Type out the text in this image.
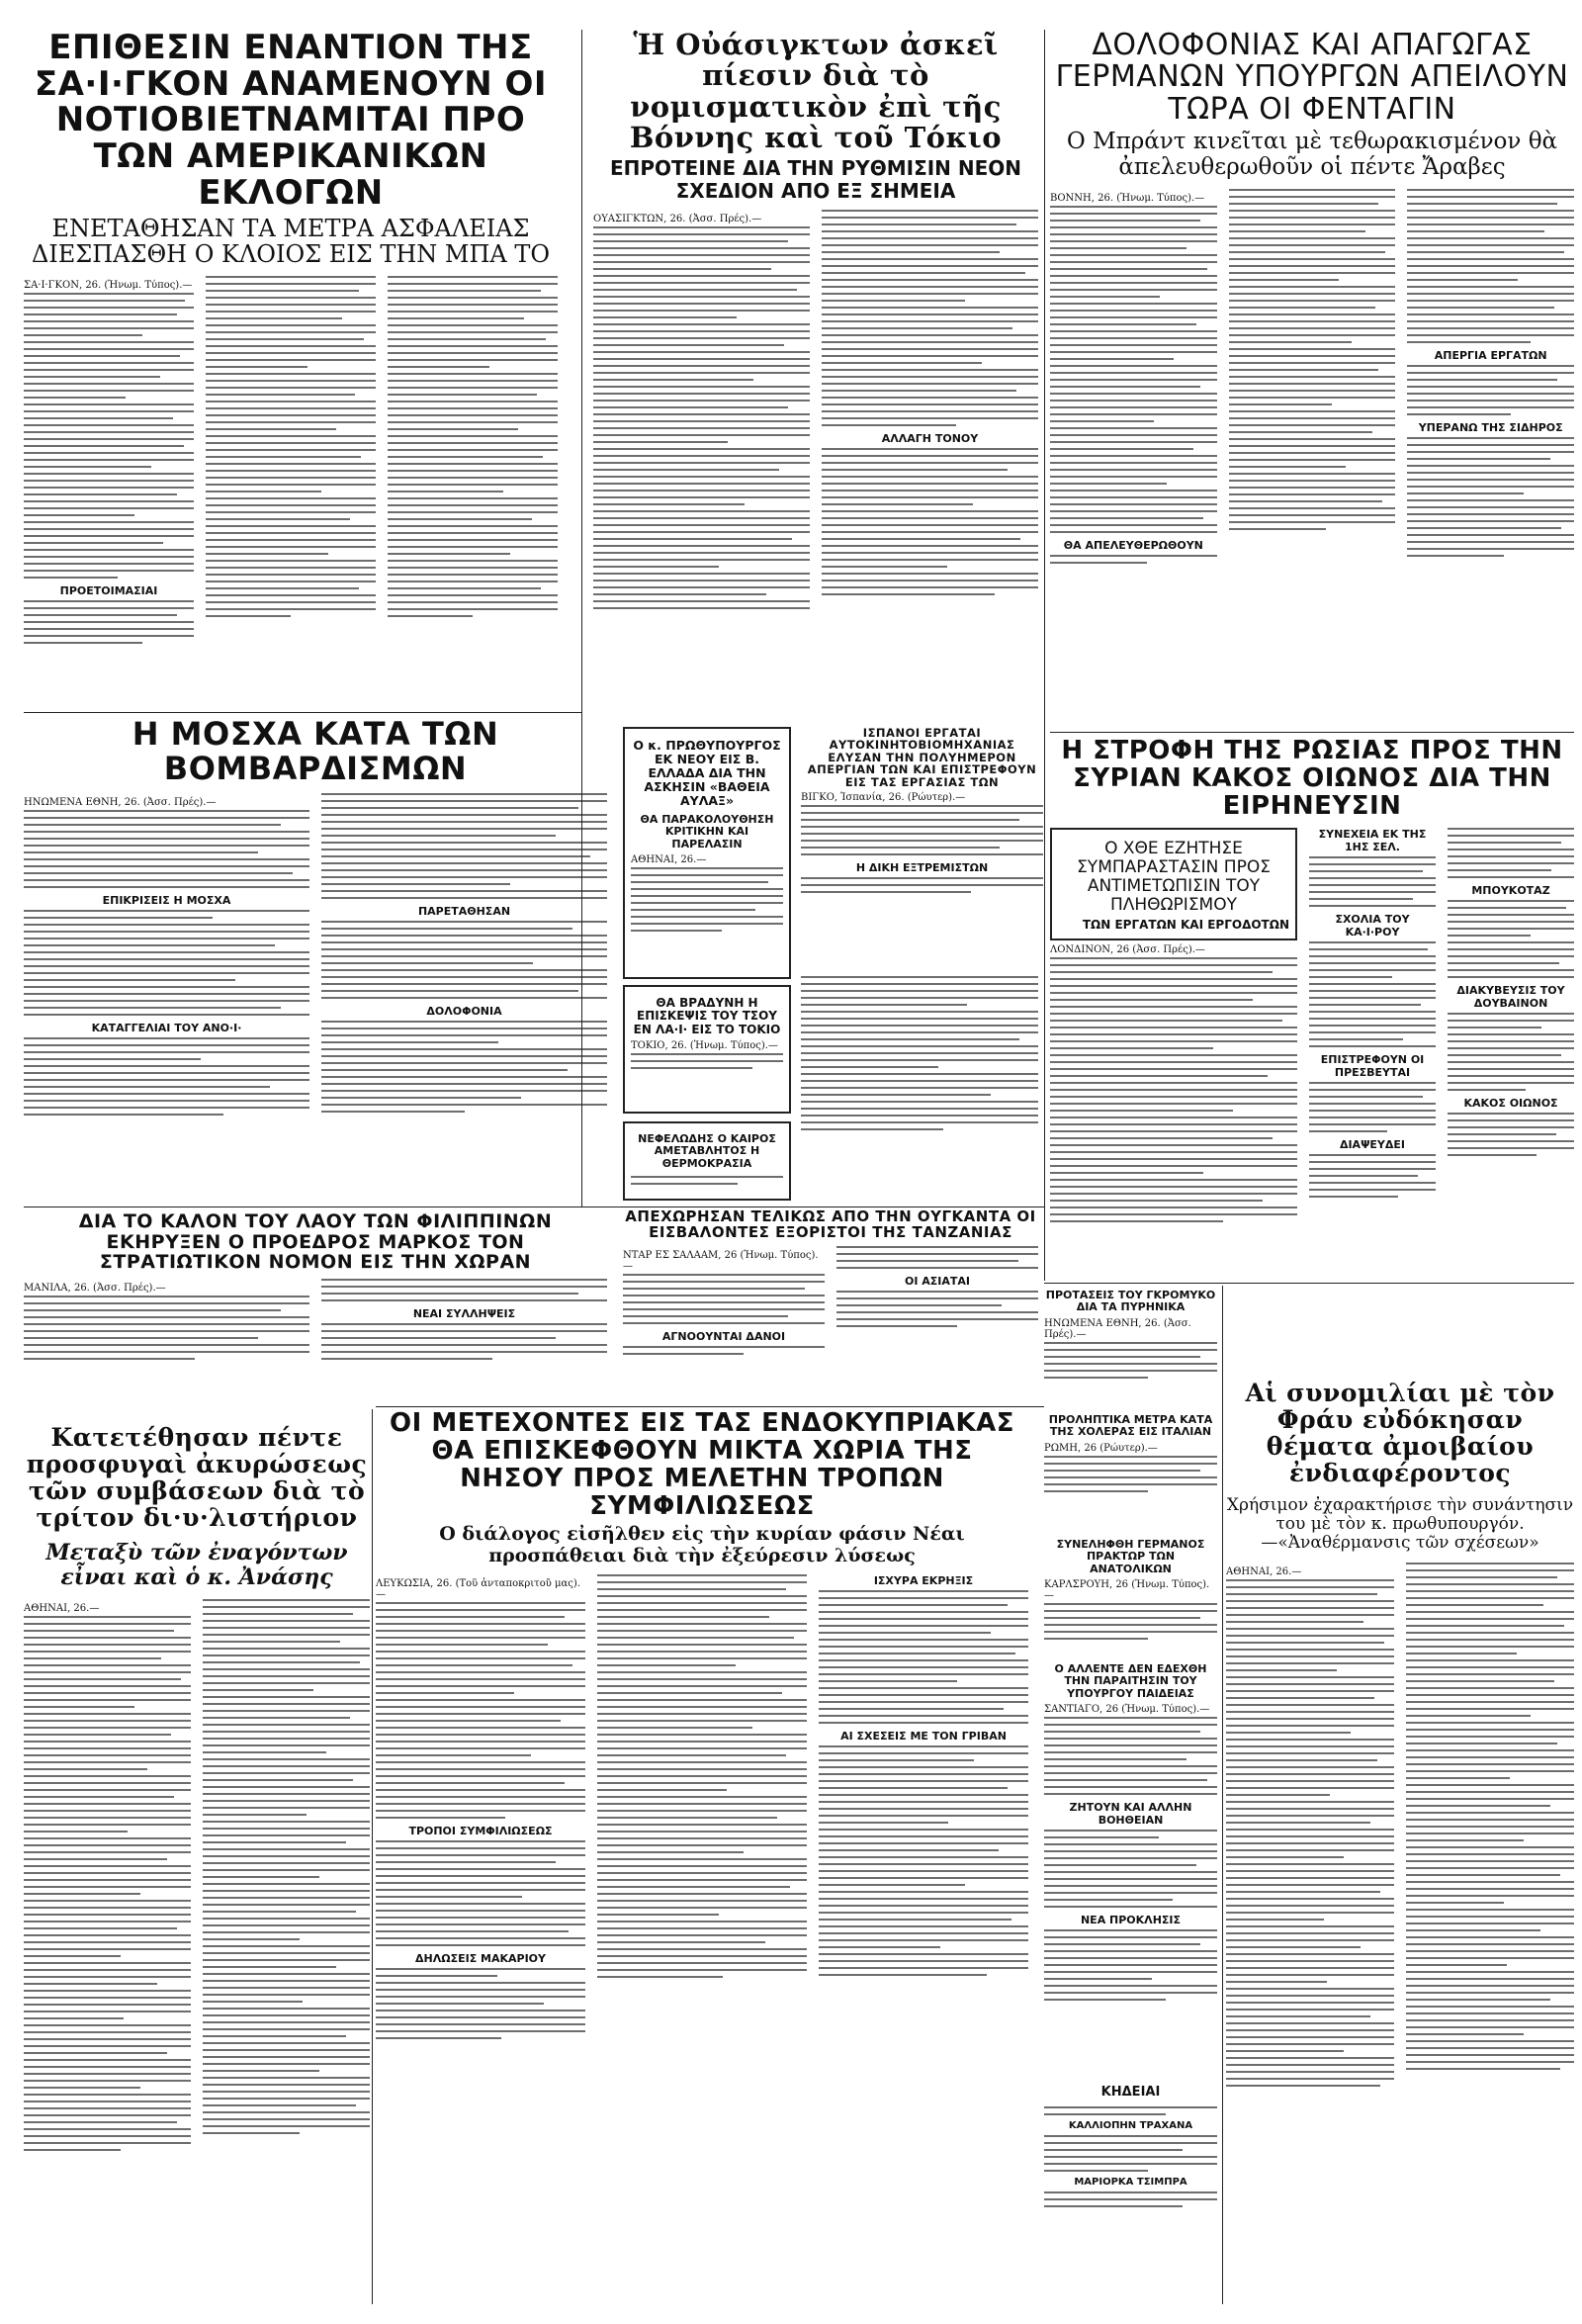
ΕΠΙΘΕΣΙΝ ΕΝΑΝΤΙΟΝ ΤΗΣ ΣΑ·Ι·ΓΚΟΝ ΑΝΑΜΕΝΟΥΝ ΟΙ ΝΟΤΙΟΒΙΕΤΝΑΜΙΤΑΙ ΠΡΟ ΤΩΝ ΑΜΕΡΙΚΑΝΙΚΩΝ ΕΚΛΟΓΩΝ
ΕΝΕΤΑΘΗΣΑΝ ΤΑ ΜΕΤΡΑ ΑΣΦΑΛΕΙΑΣ ΔΙΕΣΠΑΣΘΗ Ο ΚΛΟΙΟΣ ΕΙΣ ΤΗΝ ΜΠΑ ΤΟ
ΣΑ·Ι·ΓΚΟΝ, 26. (Ἠνωμ. Τύπος).—
ΠΡΟΕΤΟΙΜΑΣΙΑΙ
Ἡ Οὐάσιγκτων ἀσκεῖ πίεσιν διὰ τὸ νομισματικὸν ἐπὶ τῆς Βόννης καὶ τοῦ Τόκιο
ΕΠΡΟΤΕΙΝΕ ΔΙΑ ΤΗΝ ΡΥΘΜΙΣΙΝ ΝΕΟΝ ΣΧΕΔΙΟΝ ΑΠΟ ΕΞ ΣΗΜΕΙΑ
ΟΥΑΣΙΓΚΤΩΝ, 26. (Ἀσσ. Πρές).—
ΑΛΛΑΓΗ ΤΟΝΟΥ
ΔΟΛΟΦΟΝΙΑΣ ΚΑΙ ΑΠΑΓΩΓΑΣ ΓΕΡΜΑΝΩΝ ΥΠΟΥΡΓΩΝ ΑΠΕΙΛΟΥΝ ΤΩΡΑ ΟΙ ΦΕΝΤΑΓΙΝ
Ο Μπράντ κινεῖται μὲ τεθωρακισμένον θὰ ἀπελευθερωθοῦν οἱ πέντε Ἄραβες
ΒΟΝΝΗ, 26. (Ἠνωμ. Τύπος).—
ΘΑ ΑΠΕΛΕΥΘΕΡΩΘΟΥΝ
ΑΠΕΡΓΙΑ ΕΡΓΑΤΩΝ
ΥΠΕΡΑΝΩ ΤΗΣ ΣΙΔΗΡΟΣ
Η ΜΟΣΧΑ ΚΑΤΑ ΤΩΝ ΒΟΜΒΑΡΔΙΣΜΩΝ
ΗΝΩΜΕΝΑ ΕΘΝΗ, 26. (Ἀσσ. Πρές).—
ΕΠΙΚΡΙΣΕΙΣ Η ΜΟΣΧΑ
ΚΑΤΑΓΓΕΛΙΑΙ ΤΟΥ ΑΝΟ·Ι·
ΠΑΡΕΤΑΘΗΣΑΝ
ΔΟΛΟΦΟΝΙΑ
Ο κ. ΠΡΩΘΥΠΟΥΡΓΟΣ ΕΚ ΝΕΟΥ ΕΙΣ Β. ΕΛΛΑΔΑ ΔΙΑ ΤΗΝ ΑΣΚΗΣΙΝ «ΒΑΘΕΙΑ ΑΥΛΑΞ»
ΘΑ ΠΑΡΑΚΟΛΟΥΘΗΣΗ ΚΡΙΤΙΚΗΝ ΚΑΙ ΠΑΡΕΛΑΣΙΝ
ΑΘΗΝΑΙ, 26.—
ΘΑ ΒΡΑΔΥΝΗ Η ΕΠΙΣΚΕΨΙΣ ΤΟΥ ΤΣΟΥ ΕΝ ΛΑ·Ι· ΕΙΣ ΤΟ ΤΟΚΙΟ
ΤΟΚΙΟ, 26. (Ἠνωμ. Τύπος).—
ΝΕΦΕΛΩΔΗΣ Ο ΚΑΙΡΟΣ ΑΜΕΤΑΒΛΗΤΟΣ Η ΘΕΡΜΟΚΡΑΣΙΑ
Η ΣΤΡΟΦΗ ΤΗΣ ΡΩΣΙΑΣ ΠΡΟΣ ΤΗΝ ΣΥΡΙΑΝ ΚΑΚΟΣ ΟΙΩΝΟΣ ΔΙΑ ΤΗΝ ΕΙΡΗΝΕΥΣΙΝ
Ο ΧΘΕ ΕΖΗΤΗΣΕ ΣΥΜΠΑΡΑΣΤΑΣΙΝ ΠΡΟΣ ΑΝΤΙΜΕΤΩΠΙΣΙΝ ΤΟΥ ΠΛΗΘΩΡΙΣΜΟΥ
ΤΩΝ ΕΡΓΑΤΩΝ ΚΑΙ ΕΡΓΟΔΟΤΩΝ
ΛΟΝΔΙΝΟΝ, 26 (Ἀσσ. Πρές).—
ΣΥΝΕΧΕΙΑ ΕΚ ΤΗΣ 1ΗΣ ΣΕΛ.
ΣΧΟΛΙΑ ΤΟΥ ΚΑ·Ι·ΡΟΥ
ΕΠΙΣΤΡΕΦΟΥΝ ΟΙ ΠΡΕΣΒΕΥΤΑΙ
ΔΙΑΨΕΥΔΕΙ
ΜΠΟΥΚΟΤΑΖ
ΔΙΑΚΥΒΕΥΣΙΣ ΤΟΥ ΔΟΥΒΑΙΝΟΝ
ΚΑΚΟΣ ΟΙΩΝΟΣ
ΔΙΑ ΤΟ ΚΑΛΟΝ ΤΟΥ ΛΑΟΥ ΤΩΝ ΦΙΛΙΠΠΙΝΩΝ ΕΚΗΡΥΞΕΝ Ο ΠΡΟΕΔΡΟΣ ΜΑΡΚΟΣ ΤΟΝ ΣΤΡΑΤΙΩΤΙΚΟΝ ΝΟΜΟΝ ΕΙΣ ΤΗΝ ΧΩΡΑΝ
ΜΑΝΙΛΑ, 26. (Ἀσσ. Πρές).—
ΝΕΑΙ ΣΥΛΛΗΨΕΙΣ
ΟΙ ΜΕΤΕΧΟΝΤΕΣ ΕΙΣ ΤΑΣ ΕΝΔΟΚΥΠΡΙΑΚΑΣ ΘΑ ΕΠΙΣΚΕΦΘΟΥΝ ΜΙΚΤΑ ΧΩΡΙΑ ΤΗΣ ΝΗΣΟΥ ΠΡΟΣ ΜΕΛΕΤΗΝ ΤΡΟΠΩΝ ΣΥΜΦΙΛΙΩΣΕΩΣ
Ο διάλογος εἰσῆλθεν εἰς τὴν κυρίαν φάσιν Νέαι προσπάθειαι διὰ τὴν ἐξεύρεσιν λύσεως
ΛΕΥΚΩΣΙΑ, 26. (Τοῦ ἀνταποκριτοῦ μας).—
ΤΡΟΠΟΙ ΣΥΜΦΙΛΙΩΣΕΩΣ
ΔΗΛΩΣΕΙΣ ΜΑΚΑΡΙΟΥ
ΙΣΧΥΡΑ ΕΚΡΗΞΙΣ
ΑΙ ΣΧΕΣΕΙΣ ΜΕ ΤΟΝ ΓΡΙΒΑΝ
Κατετέθησαν πέντε προσφυγαὶ ἀκυρώσεως τῶν συμβάσεων διὰ τὸ τρίτον δι·υ·λιστήριον
Μεταξὺ τῶν ἐναγόντων εἶναι καὶ ὁ κ. Ἀνάσης
ΑΘΗΝΑΙ, 26.—
ΠΡΟΤΑΣΕΙΣ ΤΟΥ ΓΚΡΟΜΥΚΟ ΔΙΑ ΤΑ ΠΥΡΗΝΙΚΑ
ΗΝΩΜΕΝΑ ΕΘΝΗ, 26. (Ἀσσ. Πρές).—
ΠΡΟΛΗΠΤΙΚΑ ΜΕΤΡΑ ΚΑΤΑ ΤΗΣ ΧΟΛΕΡΑΣ ΕΙΣ ΙΤΑΛΙΑΝ
ΡΩΜΗ, 26 (Ρώυτερ).—
ΣΥΝΕΛΗΦΘΗ ΓΕΡΜΑΝΟΣ ΠΡΑΚΤΩΡ ΤΩΝ ΑΝΑΤΟΛΙΚΩΝ
ΚΑΡΛΣΡΟΥΗ, 26 (Ἠνωμ. Τύπος).—
Ο ΑΛΛΕΝΤΕ ΔΕΝ ΕΔΕΧΘΗ ΤΗΝ ΠΑΡΑΙΤΗΣΙΝ ΤΟΥ ΥΠΟΥΡΓΟΥ ΠΑΙΔΕΙΑΣ
ΣΑΝΤΙΑΓΟ, 26 (Ἠνωμ. Τύπος).—
ΖΗΤΟΥΝ ΚΑΙ ΑΛΛΗΝ ΒΟΗΘΕΙΑΝ
ΝΕΑ ΠΡΟΚΛΗΣΙΣ
ΚΗΔΕΙΑΙ
ΚΑΛΛΙΟΠΗΝ ΤΡΑΧΑΝΑ
ΜΑΡΙΟΡΚΑ ΤΣΙΜΠΡΑ
Αἱ συνομιλίαι μὲ τὸν Φράυ εὐδόκησαν θέματα ἀμοιβαίου ἐνδιαφέροντος
Χρήσιμον ἐχαρακτήρισε τὴν συνάντησιν του μὲ τὸν κ. πρωθυπουργόν.—«Ἀναθέρμανσις τῶν σχέσεων»
ΑΘΗΝΑΙ, 26.—
ΑΠΕΧΩΡΗΣΑΝ ΤΕΛΙΚΩΣ ΑΠΟ ΤΗΝ ΟΥΓΚΑΝΤΑ ΟΙ ΕΙΣΒΑΛΟΝΤΕΣ ΕΞΟΡΙΣΤΟΙ ΤΗΣ ΤΑΝΖΑΝΙΑΣ
ΝΤΑΡ ΕΣ ΣΑΛΑΑΜ, 26 (Ἠνωμ. Τύπος).—
ΑΓΝΟΟΥΝΤΑΙ ΔΑΝΟΙ
ΟΙ ΑΣΙΑΤΑΙ
ΙΣΠΑΝΟΙ ΕΡΓΑΤΑΙ ΑΥΤΟΚΙΝΗΤΟΒΙΟΜΗΧΑΝΙΑΣ ΕΛΥΣΑΝ ΤΗΝ ΠΟΛΥΗΜΕΡΟΝ ΑΠΕΡΓΙΑΝ ΤΩΝ ΚΑΙ ΕΠΙΣΤΡΕΦΟΥΝ ΕΙΣ ΤΑΣ ΕΡΓΑΣΙΑΣ ΤΩΝ
ΒΙΓΚΟ, Ἱσπανία, 26. (Ρώυτερ).—
Η ΔΙΚΗ ΕΞΤΡΕΜΙΣΤΩΝ
